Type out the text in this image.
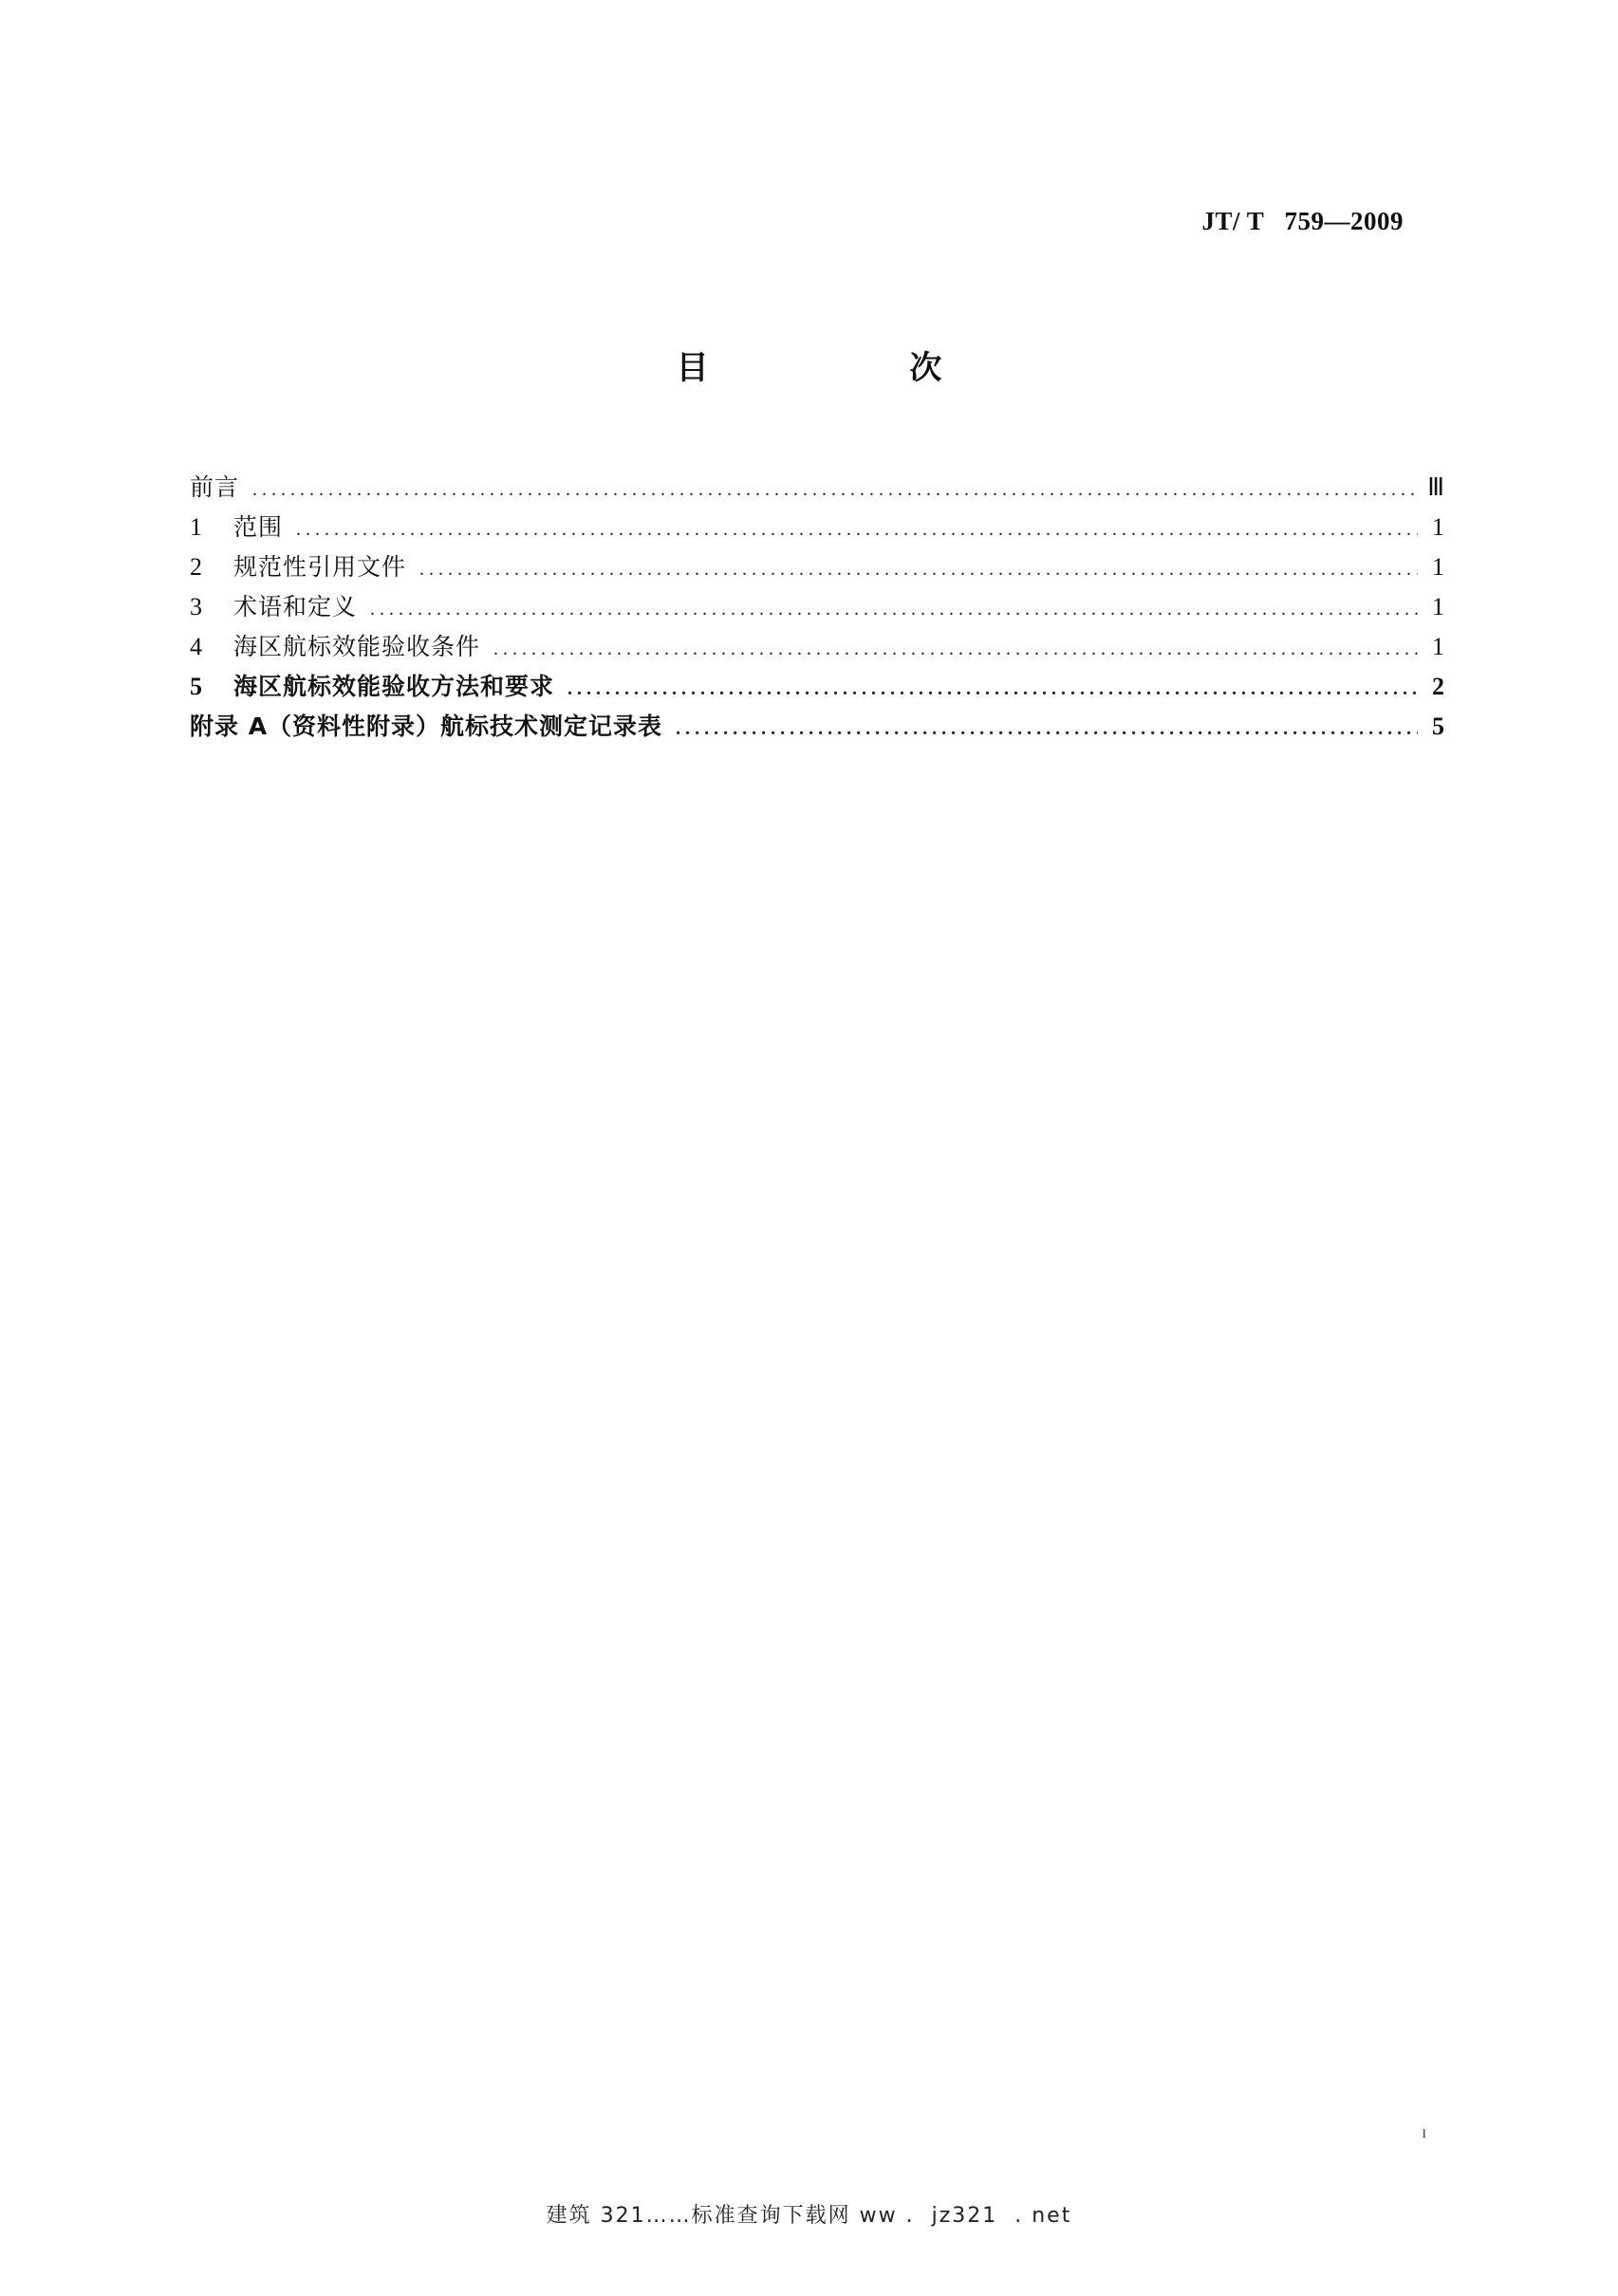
JT/ T   759—2009
目 次
前言 .....	Ⅲ
1	范围 .....	1
2	规范性引用文件 .....	1
3	术语和定义 .....	1
4	海区航标效能验收条件 .....	1
5	海区航标效能验收方法和要求 .....	2
附录 A（资料性附录）航标技术测定记录表 .....	5
I
建筑 321……标准查询下载网 ww .  jz321  . net
